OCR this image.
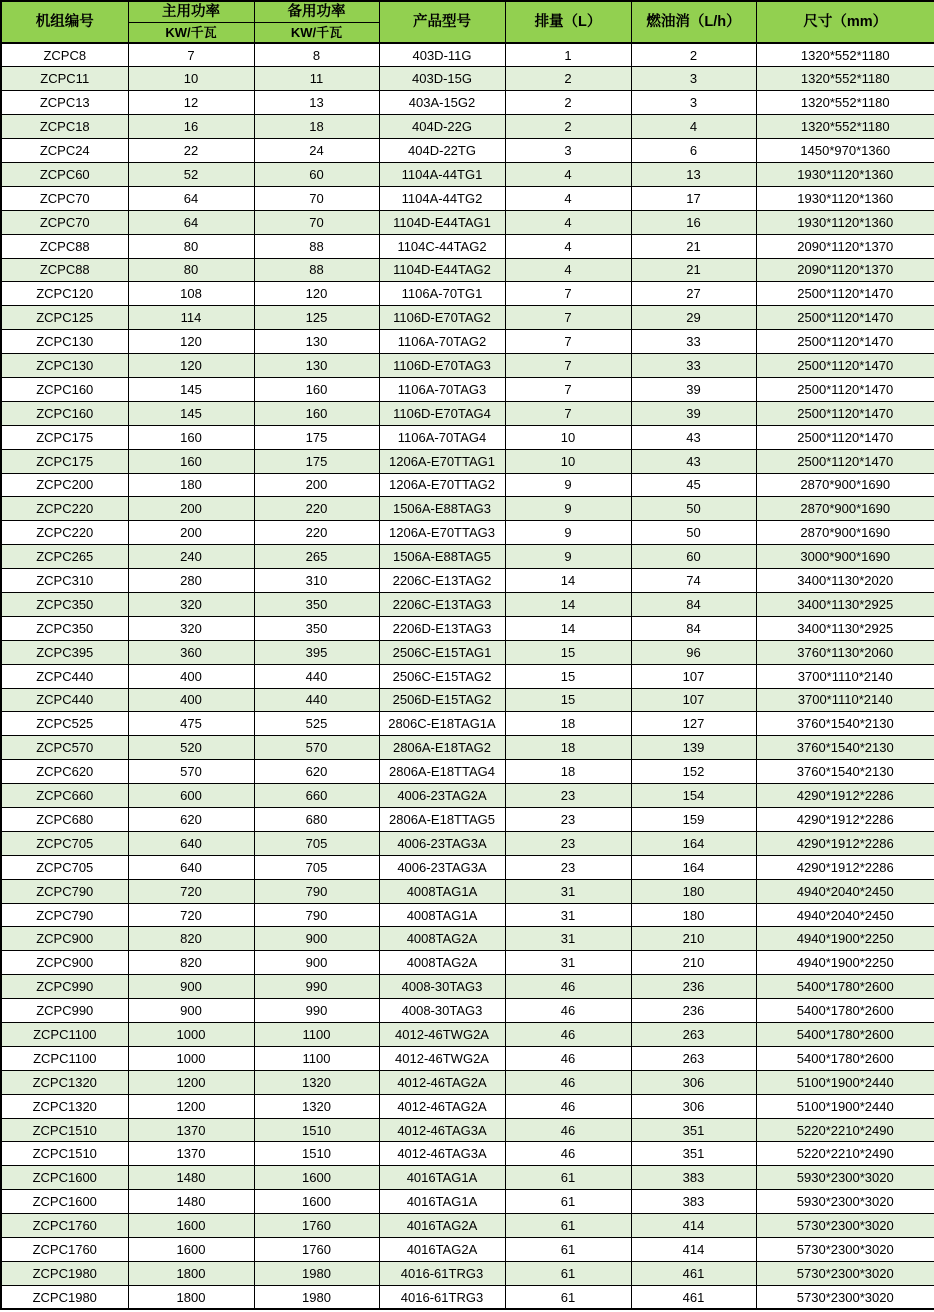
机组编号	主用功率	备用功率	产品型号	排量（L）	燃油消（L/h）	尺寸（mm）
	KW/千瓦	KW/千瓦				
ZCPC8	7	8	403D-11G	1	2	1320*552*1180
ZCPC11	10	11	403D-15G	2	3	1320*552*1180
ZCPC13	12	13	403A-15G2	2	3	1320*552*1180
ZCPC18	16	18	404D-22G	2	4	1320*552*1180
ZCPC24	22	24	404D-22TG	3	6	1450*970*1360
ZCPC60	52	60	1104A-44TG1	4	13	1930*1120*1360
ZCPC70	64	70	1104A-44TG2	4	17	1930*1120*1360
ZCPC70	64	70	1104D-E44TAG1	4	16	1930*1120*1360
ZCPC88	80	88	1104C-44TAG2	4	21	2090*1120*1370
ZCPC88	80	88	1104D-E44TAG2	4	21	2090*1120*1370
ZCPC120	108	120	1106A-70TG1	7	27	2500*1120*1470
ZCPC125	114	125	1106D-E70TAG2	7	29	2500*1120*1470
ZCPC130	120	130	1106A-70TAG2	7	33	2500*1120*1470
ZCPC130	120	130	1106D-E70TAG3	7	33	2500*1120*1470
ZCPC160	145	160	1106A-70TAG3	7	39	2500*1120*1470
ZCPC160	145	160	1106D-E70TAG4	7	39	2500*1120*1470
ZCPC175	160	175	1106A-70TAG4	10	43	2500*1120*1470
ZCPC175	160	175	1206A-E70TTAG1	10	43	2500*1120*1470
ZCPC200	180	200	1206A-E70TTAG2	9	45	2870*900*1690
ZCPC220	200	220	1506A-E88TAG3	9	50	2870*900*1690
ZCPC220	200	220	1206A-E70TTAG3	9	50	2870*900*1690
ZCPC265	240	265	1506A-E88TAG5	9	60	3000*900*1690
ZCPC310	280	310	2206C-E13TAG2	14	74	3400*1130*2020
ZCPC350	320	350	2206C-E13TAG3	14	84	3400*1130*2925
ZCPC350	320	350	2206D-E13TAG3	14	84	3400*1130*2925
ZCPC395	360	395	2506C-E15TAG1	15	96	3760*1130*2060
ZCPC440	400	440	2506C-E15TAG2	15	107	3700*1110*2140
ZCPC440	400	440	2506D-E15TAG2	15	107	3700*1110*2140
ZCPC525	475	525	2806C-E18TAG1A	18	127	3760*1540*2130
ZCPC570	520	570	2806A-E18TAG2	18	139	3760*1540*2130
ZCPC620	570	620	2806A-E18TTAG4	18	152	3760*1540*2130
ZCPC660	600	660	4006-23TAG2A	23	154	4290*1912*2286
ZCPC680	620	680	2806A-E18TTAG5	23	159	4290*1912*2286
ZCPC705	640	705	4006-23TAG3A	23	164	4290*1912*2286
ZCPC705	640	705	4006-23TAG3A	23	164	4290*1912*2286
ZCPC790	720	790	4008TAG1A	31	180	4940*2040*2450
ZCPC790	720	790	4008TAG1A	31	180	4940*2040*2450
ZCPC900	820	900	4008TAG2A	31	210	4940*1900*2250
ZCPC900	820	900	4008TAG2A	31	210	4940*1900*2250
ZCPC990	900	990	4008-30TAG3	46	236	5400*1780*2600
ZCPC990	900	990	4008-30TAG3	46	236	5400*1780*2600
ZCPC1100	1000	1100	4012-46TWG2A	46	263	5400*1780*2600
ZCPC1100	1000	1100	4012-46TWG2A	46	263	5400*1780*2600
ZCPC1320	1200	1320	4012-46TAG2A	46	306	5100*1900*2440
ZCPC1320	1200	1320	4012-46TAG2A	46	306	5100*1900*2440
ZCPC1510	1370	1510	4012-46TAG3A	46	351	5220*2210*2490
ZCPC1510	1370	1510	4012-46TAG3A	46	351	5220*2210*2490
ZCPC1600	1480	1600	4016TAG1A	61	383	5930*2300*3020
ZCPC1600	1480	1600	4016TAG1A	61	383	5930*2300*3020
ZCPC1760	1600	1760	4016TAG2A	61	414	5730*2300*3020
ZCPC1760	1600	1760	4016TAG2A	61	414	5730*2300*3020
ZCPC1980	1800	1980	4016-61TRG3	61	461	5730*2300*3020
ZCPC1980	1800	1980	4016-61TRG3	61	461	5730*2300*3020
